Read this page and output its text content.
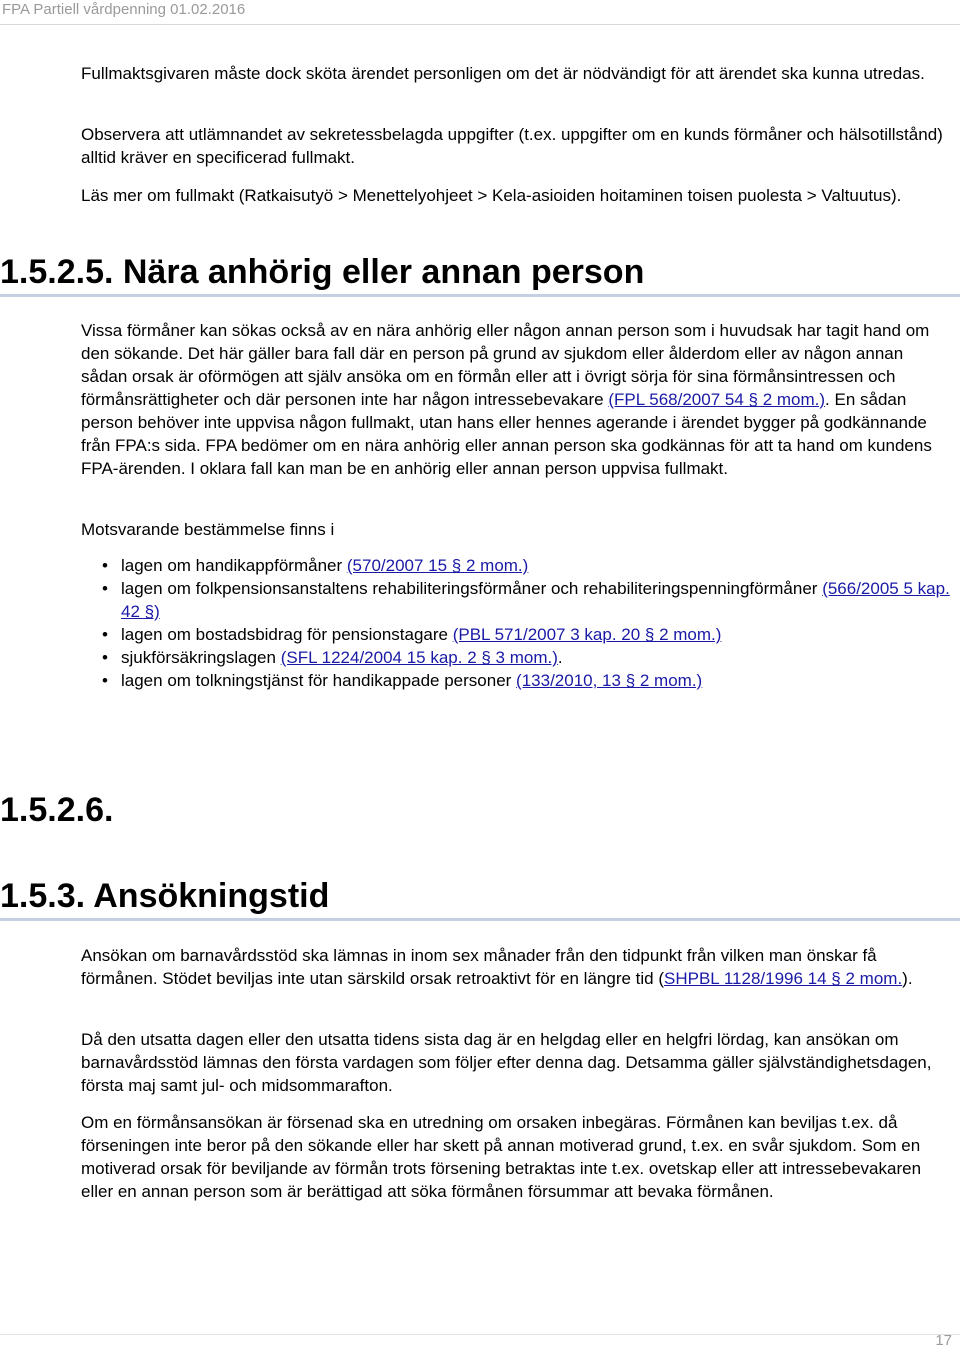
FPA Partiell vårdpenning 01.02.2016
Fullmaktsgivaren måste dock sköta ärendet personligen om det är nödvändigt för att ärendet ska kunna utredas.
Observera att utlämnandet av sekretessbelagda uppgifter (t.ex. uppgifter om en kunds förmåner och hälsotillstånd) alltid kräver en specificerad fullmakt.
Läs mer om fullmakt (Ratkaisutyö > Menettelyohjeet > Kela-asioiden hoitaminen toisen puolesta > Valtuutus).
1.5.2.5. Nära anhörig eller annan person
Vissa förmåner kan sökas också av en nära anhörig eller någon annan person som i huvudsak har tagit hand om den sökande. Det här gäller bara fall där en person på grund av sjukdom eller ålderdom eller av någon annan sådan orsak är oförmögen att själv ansöka om en förmån eller att i övrigt sörja för sina förmånsintressen och förmånsrättigheter och där personen inte har någon intressebevakare (FPL 568/2007 54 § 2 mom.). En sådan person behöver inte uppvisa någon fullmakt, utan hans eller hennes agerande i ärendet bygger på godkännande från FPA:s sida. FPA bedömer om en nära anhörig eller annan person ska godkännas för att ta hand om kundens FPA-ärenden. I oklara fall kan man be en anhörig eller annan person uppvisa fullmakt.
Motsvarande bestämmelse finns i
• lagen om handikappförmåner (570/2007 15 § 2 mom.)
• lagen om folkpensionsanstaltens rehabiliteringsförmåner och rehabiliteringspenningförmåner (566/2005 5 kap. 42 §)
• lagen om bostadsbidrag för pensionstagare (PBL 571/2007 3 kap. 20 § 2 mom.)
• sjukförsäkringslagen (SFL 1224/2004 15 kap. 2 § 3 mom.).
• lagen om tolkningstjänst för handikappade personer (133/2010, 13 § 2 mom.)
1.5.2.6.
1.5.3. Ansökningstid
Ansökan om barnavårdsstöd ska lämnas in inom sex månader från den tidpunkt från vilken man önskar få förmånen. Stödet beviljas inte utan särskild orsak retroaktivt för en längre tid (SHPBL 1128/1996 14 § 2 mom.).
Då den utsatta dagen eller den utsatta tidens sista dag är en helgdag eller en helgfri lördag, kan ansökan om barnavårdsstöd lämnas den första vardagen som följer efter denna dag. Detsamma gäller självständighetsdagen, första maj samt jul- och midsommarafton.
Om en förmånsansökan är försenad ska en utredning om orsaken inbegäras. Förmånen kan beviljas t.ex. då förseningen inte beror på den sökande eller har skett på annan motiverad grund, t.ex. en svår sjukdom. Som en motiverad orsak för beviljande av förmån trots försening betraktas inte t.ex. ovetskap eller att intressebevakaren eller en annan person som är berättigad att söka förmånen försummar att bevaka förmånen.
17
